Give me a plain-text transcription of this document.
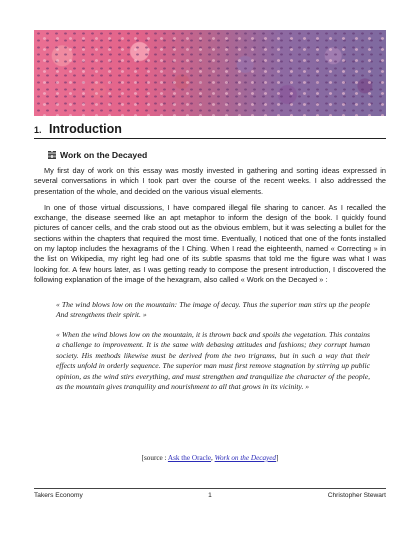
1. Introduction
Work on the Decayed

My first day of work on this essay was mostly invested in gathering and sorting ideas expressed in several conversations in which I took part over the course of the recent weeks. I also addressed the presentation of the whole, and decided on the various visual elements.

In one of those virtual discussions, I have compared illegal file sharing to cancer. As I recalled the exchange, the disease seemed like an apt metaphor to inform the design of the book. I quickly found pictures of cancer cells, and the crab stood out as the obvious emblem, but it was selecting a bullet for the sections within the chapters that required the most time. Eventually, I noticed that one of the fonts installed on my laptop includes the hexagrams of the I Ching. When I read the eighteenth, named « Correcting » in the list on Wikipedia, my right leg had one of its subtle spasms that told me the figure was what I was looking for. A few hours later, as I was getting ready to compose the present introduction, I discovered the following explanation of the image of the hexagram, also called « Work on the Decayed » :

« The wind blows low on the mountain: The image of decay. Thus the superior man stirs up the people And strengthens their spirit. »
« When the wind blows low on the mountain, it is thrown back and spoils the vegetation. This contains a challenge to improvement. It is the same with debasing attitudes and fashions; they corrupt human society. His methods likewise must be derived from the two trigrams, but in such a way that their effects unfold in orderly sequence. The superior man must first remove stagnation by stirring up public opinion, as the wind stirs everything, and must strengthen and tranquilize the character of the people, as the mountain gives tranquility and nourishment to all that grows in its vicinity. »
[source : Ask the Oracle, Work on the Decayed]
Takers Economy	1	Christopher Stewart
